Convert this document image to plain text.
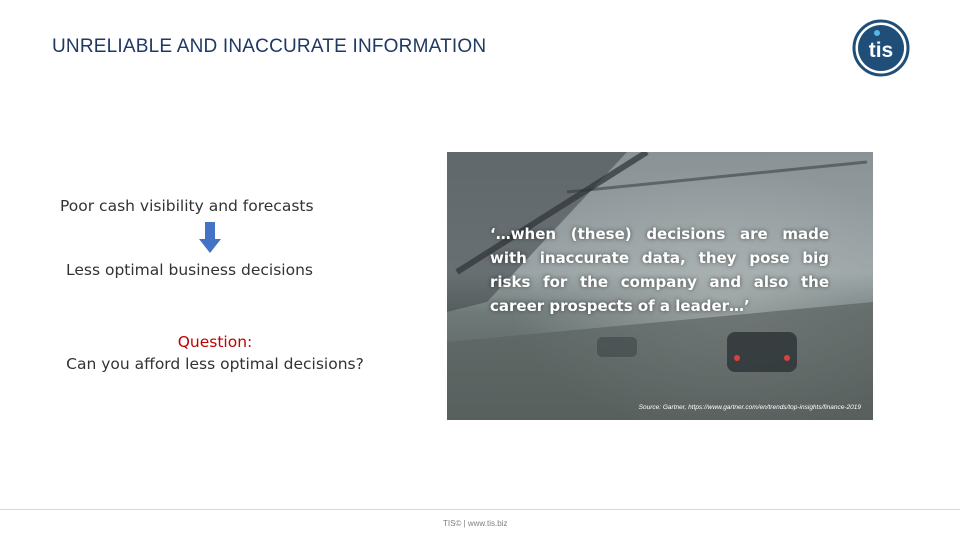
UNRELIABLE AND INACCURATE INFORMATION	tis
Poor cash visibility and forecasts
Less optimal business decisions
Question:
Can you afford less optimal decisions?
‘…when (these) decisions are made with inaccurate data, they pose big risks for the company and also the career prospects of a leader…’
Source: Gartner, https://www.gartner.com/en/trends/top-insights/finance-2019
TIS© | www.tis.biz
